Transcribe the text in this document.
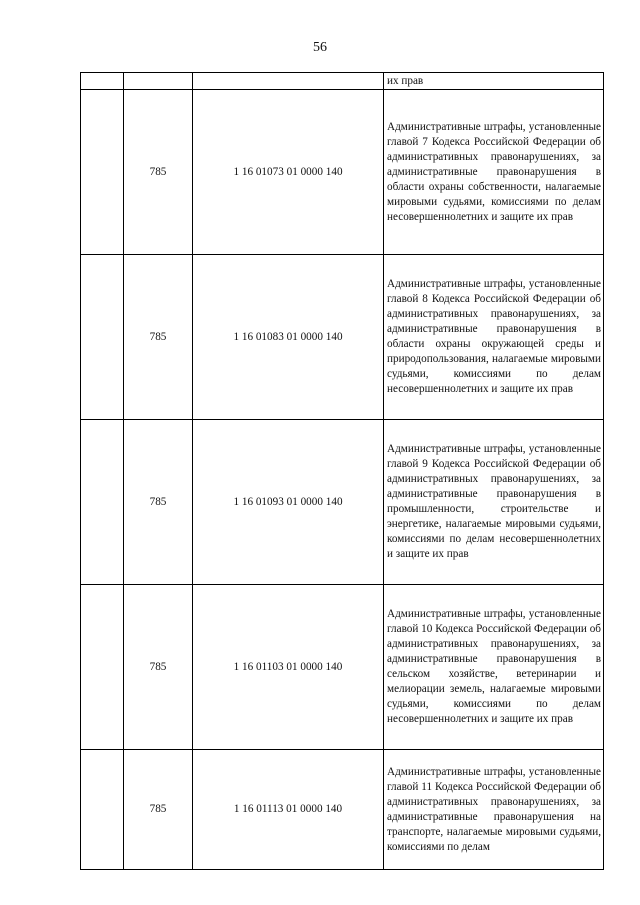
56
			их прав
	785	1 16 01073 01 0000 140	Административные штрафы, установленные главой 7 Кодекса Российской Федерации об административных правонарушениях, за административные правонарушения в области охраны собственности, налагаемые мировыми судьями, комиссиями по делам несовершеннолетних и защите их прав
	785	1 16 01083 01 0000 140	Административные штрафы, установленные главой 8 Кодекса Российской Федерации об административных правонарушениях, за административные правонарушения в области охраны окружающей среды и природопользования, налагаемые мировыми судьями, комиссиями по делам несовершеннолетних и защите их прав
	785	1 16 01093 01 0000 140	Административные штрафы, установленные главой 9 Кодекса Российской Федерации об административных правонарушениях, за административные правонарушения в промышленности, строительстве и энергетике, налагаемые мировыми судьями, комиссиями по делам несовершеннолетних и защите их прав
	785	1 16 01103 01 0000 140	Административные штрафы, установленные главой 10 Кодекса Российской Федерации об административных правонарушениях, за административные правонарушения в сельском хозяйстве, ветеринарии и мелиорации земель, налагаемые мировыми судьями, комиссиями по делам несовершеннолетних и защите их прав
	785	1 16 01113 01 0000 140	Административные штрафы, установленные главой 11 Кодекса Российской Федерации об административных правонарушениях, за административные правонарушения на транспорте, налагаемые мировыми судьями, комиссиями по делам
